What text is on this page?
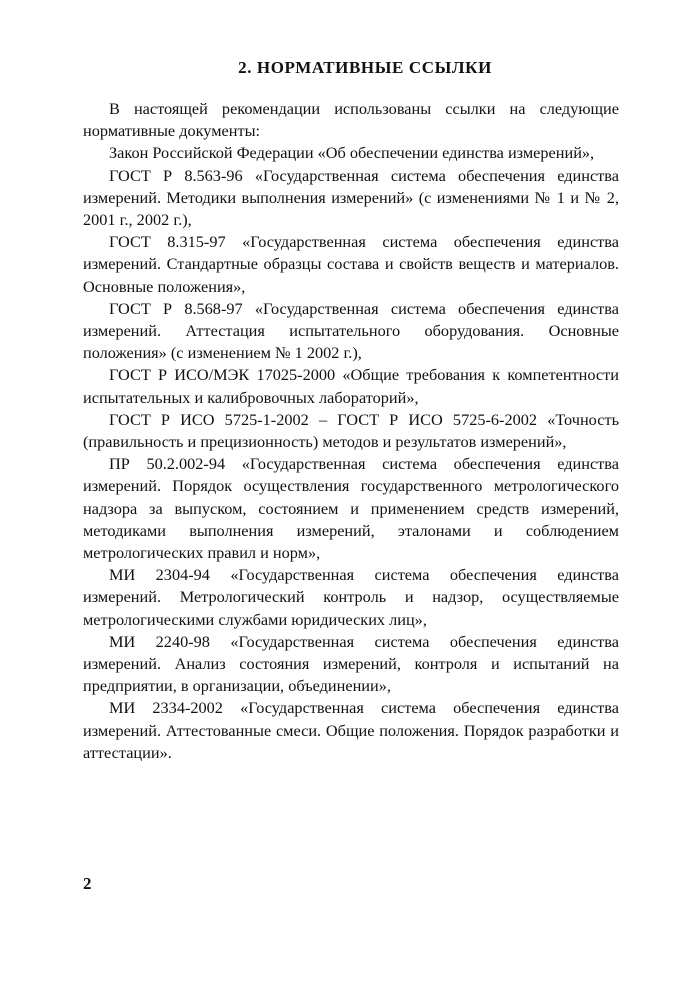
2. НОРМАТИВНЫЕ ССЫЛКИ

В настоящей рекомендации использованы ссылки на следующие нормативные документы:

Закон Российской Федерации «Об обеспечении единства измерений»,

ГОСТ Р 8.563-96 «Государственная система обеспечения единства измерений. Методики выполнения измерений» (с изменениями № 1 и № 2, 2001 г., 2002 г.),

ГОСТ 8.315-97 «Государственная система обеспечения единства измерений. Стандартные образцы состава и свойств веществ и материалов. Основные положения»,

ГОСТ Р 8.568-97 «Государственная система обеспечения единства измерений. Аттестация испытательного оборудования. Основные положения» (с изменением № 1 2002 г.),

ГОСТ Р ИСО/МЭК 17025-2000 «Общие требования к компетентности испытательных и калибровочных лабораторий»,

ГОСТ Р ИСО 5725-1-2002 – ГОСТ Р ИСО 5725-6-2002 «Точность (правильность и прецизионность) методов и результатов измерений»,

ПР 50.2.002-94 «Государственная система обеспечения единства измерений. Порядок осуществления государственного метрологического надзора за выпуском, состоянием и применением средств измерений, методиками выполнения измерений, эталонами и соблюдением метрологических правил и норм»,

МИ 2304-94 «Государственная система обеспечения единства измерений. Метрологический контроль и надзор, осуществляемые метрологическими службами юридических лиц»,

МИ 2240-98 «Государственная система обеспечения единства измерений. Анализ состояния измерений, контроля и испытаний на предприятии, в организации, объединении»,

МИ 2334-2002 «Государственная система обеспечения единства измерений. Аттестованные смеси. Общие положения. Порядок разработки и аттестации».

2
